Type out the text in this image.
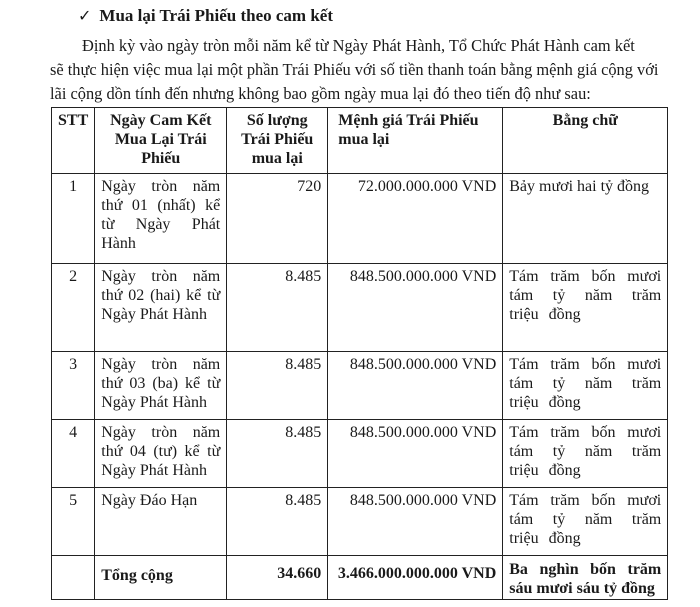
✓ Mua lại Trái Phiếu theo cam kết
Định kỳ vào ngày tròn mỗi năm kể từ Ngày Phát Hành, Tổ Chức Phát Hành cam kết
sẽ thực hiện việc mua lại một phần Trái Phiếu với số tiền thanh toán bằng mệnh giá cộng với
lãi cộng dồn tính đến nhưng không bao gồm ngày mua lại đó theo tiến độ như sau:
STT	Ngày Cam Kết Mua Lại Trái Phiếu	Số lượng Trái Phiếu mua lại	Mệnh giá Trái Phiếu mua lại	Bằng chữ
1	Ngày tròn năm thứ 01 (nhất) kể từ Ngày Phát Hành	720	72.000.000.000 VND	Bảy mươi hai tỷ đồng
2	Ngày tròn năm thứ 02 (hai) kể từ Ngày Phát Hành	8.485	848.500.000.000 VND	Tám trăm bốn mươi tám tỷ năm trăm triệu đồng
3	Ngày tròn năm thứ 03 (ba) kể từ Ngày Phát Hành	8.485	848.500.000.000 VND	Tám trăm bốn mươi tám tỷ năm trăm triệu đồng
4	Ngày tròn năm thứ 04 (tư) kể từ Ngày Phát Hành	8.485	848.500.000.000 VND	Tám trăm bốn mươi tám tỷ năm trăm triệu đồng
5	Ngày Đáo Hạn	8.485	848.500.000.000 VND	Tám trăm bốn mươi tám tỷ năm trăm triệu đồng
	Tổng cộng	34.660	3.466.000.000.000 VND	Ba nghìn bốn trăm sáu mươi sáu tỷ đồng
